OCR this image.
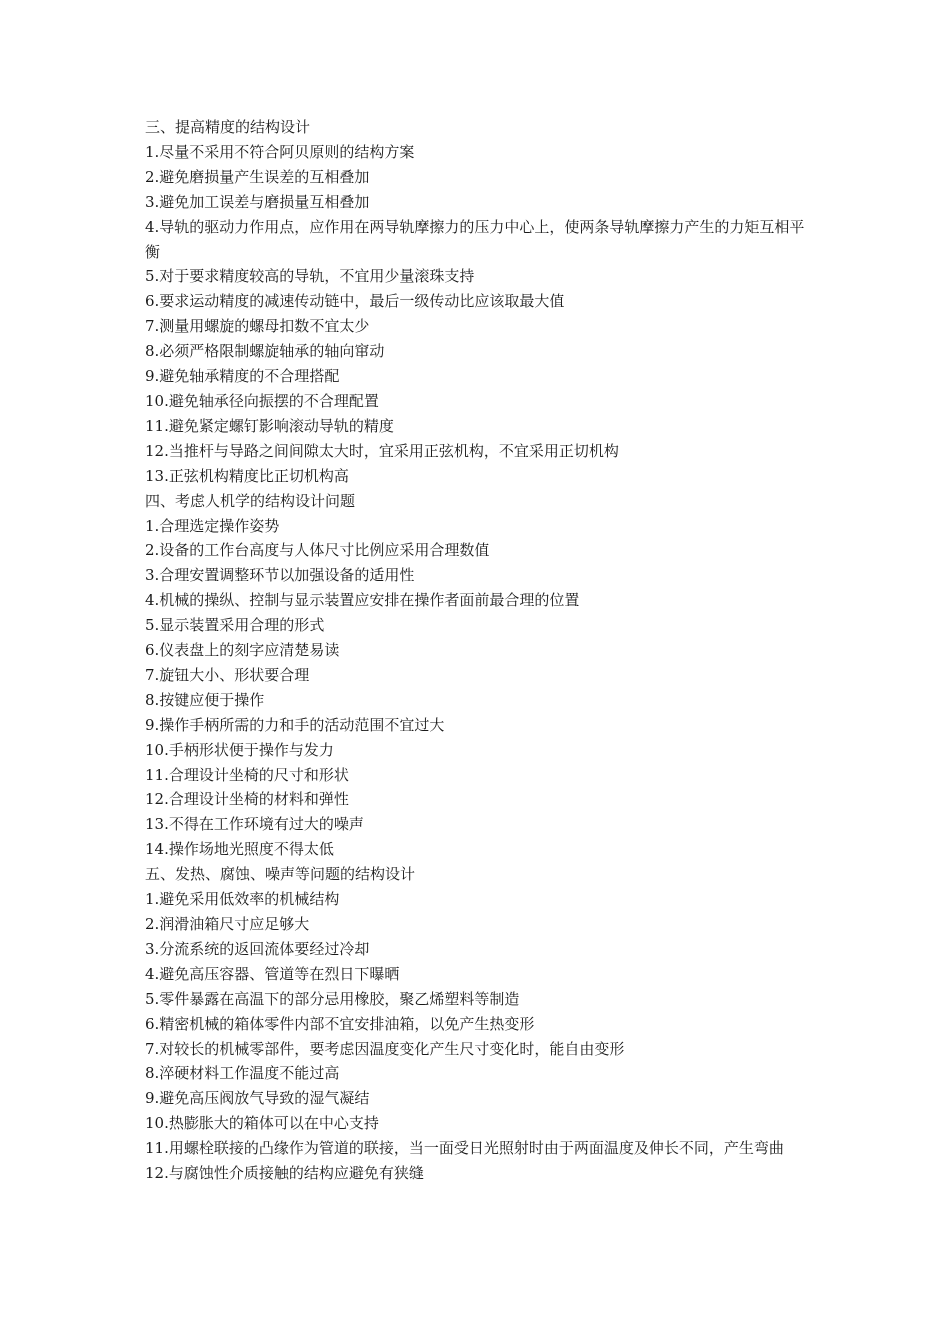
三、提高精度的结构设计
1.尽量不采用不符合阿贝原则的结构方案
2.避免磨损量产生误差的互相叠加
3.避免加工误差与磨损量互相叠加
4.导轨的驱动力作用点，应作用在两导轨摩擦力的压力中心上，使两条导轨摩擦力产生的力矩互相平衡
5.对于要求精度较高的导轨，不宜用少量滚珠支持
6.要求运动精度的减速传动链中，最后一级传动比应该取最大值
7.测量用螺旋的螺母扣数不宜太少
8.必须严格限制螺旋轴承的轴向窜动
9.避免轴承精度的不合理搭配
10.避免轴承径向振摆的不合理配置
11.避免紧定螺钉影响滚动导轨的精度
12.当推杆与导路之间间隙太大时，宜采用正弦机构，不宜采用正切机构
13.正弦机构精度比正切机构高
四、考虑人机学的结构设计问题
1.合理选定操作姿势
2.设备的工作台高度与人体尺寸比例应采用合理数值
3.合理安置调整环节以加强设备的适用性
4.机械的操纵、控制与显示装置应安排在操作者面前最合理的位置
5.显示装置采用合理的形式
6.仪表盘上的刻字应清楚易读
7.旋钮大小、形状要合理
8.按键应便于操作
9.操作手柄所需的力和手的活动范围不宜过大
10.手柄形状便于操作与发力
11.合理设计坐椅的尺寸和形状
12.合理设计坐椅的材料和弹性
13.不得在工作环境有过大的噪声
14.操作场地光照度不得太低
五、发热、腐蚀、噪声等问题的结构设计
1.避免采用低效率的机械结构
2.润滑油箱尺寸应足够大
3.分流系统的返回流体要经过冷却
4.避免高压容器、管道等在烈日下曝晒
5.零件暴露在高温下的部分忌用橡胶，聚乙烯塑料等制造
6.精密机械的箱体零件内部不宜安排油箱，以免产生热变形
7.对较长的机械零部件，要考虑因温度变化产生尺寸变化时，能自由变形
8.淬硬材料工作温度不能过高
9.避免高压阀放气导致的湿气凝结
10.热膨胀大的箱体可以在中心支持
11.用螺栓联接的凸缘作为管道的联接，当一面受日光照射时由于两面温度及伸长不同，产生弯曲
12.与腐蚀性介质接触的结构应避免有狭缝
